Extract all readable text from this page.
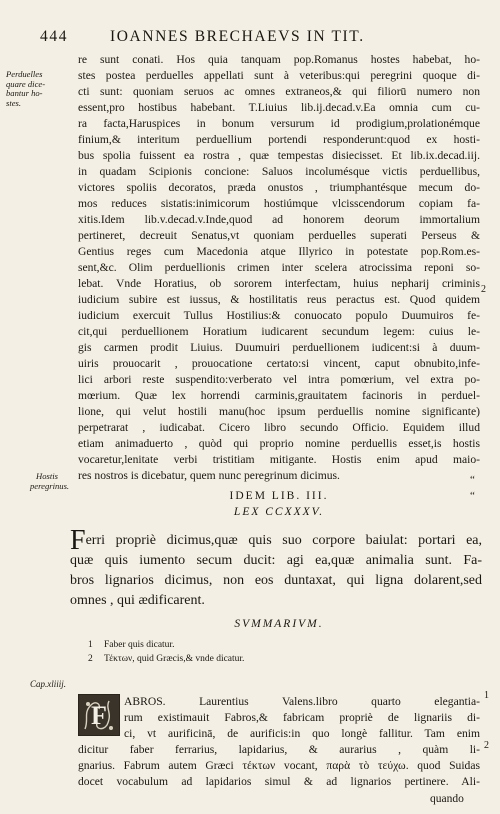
444	IOANNES BRECHAEVS IN TIT.
Perduelles
quare dice-
bantur ho-
stes.
Hostis
peregrinus.
Cap.xliiij.
2
1
2
“
“
re sunt conati. Hos quia tanquam pop.Romanus hostes habebat, ho-
stes postea perduelles appellati sunt à veteribus:qui peregrini quoque di-
cti sunt: quoniam seruos ac omnes extraneos,& qui filiorū numero non
essent,pro hostibus habebant. T.Liuius lib.ij.decad.v.Ea omnia cum cu-
ra facta,Haruspices in bonum versurum id prodigium,prolationémque
finium,& interitum perduellium portendi responderunt:quod ex hosti-
bus spolia fuissent ea rostra , quæ tempestas disiecisset. Et lib.ix.decad.iij.
in quadam Scipionis concione: Saluos incolumésque victis perduellibus,
victores spoliis decoratos, præda onustos , triumphantésque mecum do-
mos reduces sistatis:inimicorum hostiúmque vlcisscendorum copiam fa-
xitis.Idem lib.v.decad.v.Inde,quod ad honorem deorum immortalium
pertineret, decreuit Senatus,vt quoniam perduelles superati Perseus &
Gentius reges cum Macedonia atque Illyrico in potestate pop.Rom.es-
sent,&c. Olim perduellionis crimen inter scelera atrocissima reponi so-
lebat. Vnde Horatius, ob sororem interfectam, huius nepharij criminis
iudicium subire est iussus, & hostilitatis reus peractus est. Quod quidem
iudicium exercuit Tullus Hostilius:& conuocato populo Duumuiros fe-
cit,qui perduellionem Horatium iudicarent secundum legem: cuius le-
gis carmen prodit Liuius. Duumuiri perduellionem iudicent:si à duum-
uiris prouocarit , prouocatione certato:si vincent, caput obnubito,infe-
lici arbori reste suspendito:verberato vel intra pomœrium, vel extra po-
mœrium. Quæ lex horrendi carminis,grauitatem facinoris in perduel-
lione, qui velut hostili manu(hoc ipsum perduellis nomine significante)
perpetrarat , iudicabat. Cicero libro secundo Officio. Equidem illud
etiam animaduerto , quòd qui proprio nomine perduellis esset,is hostis
vocaretur,lenitate verbi tristitiam mitigante. Hostis enim apud maio-
res nostros is dicebatur, quem nunc peregrinum dicimus.
IDEM LIB. III.
LEX CCXXXV.
Ferri propriè dicimus,quæ quis suo corpore baiulat: portari ea,
quæ quis iumento secum ducit: agi ea,quæ animalia sunt. Fa-
bros lignarios dicimus, non eos duntaxat, qui ligna dolarent,sed
omnes , qui ædificarent.
SVMMARIVM.
1 Faber quis dicatur.
2 Τέκτων, quid Græcis,& vnde dicatur.
F ABROS. Laurentius Valens.libro quarto elegantia-
rum existimauit Fabros,& fabricam propriè de lignariis di-
ci, vt aurificinā, de aurificis:in quo longè fallitur. Tam enim
dicitur faber ferrarius, lapidarius, & aurarius , quàm li-
gnarius. Fabrum autem Græci τέκτων vocant, παρὰ τὸ τεύχω. quod Suidas
docet vocabulum ad lapidarios simul & ad lignarios pertinere. Ali-
quando
